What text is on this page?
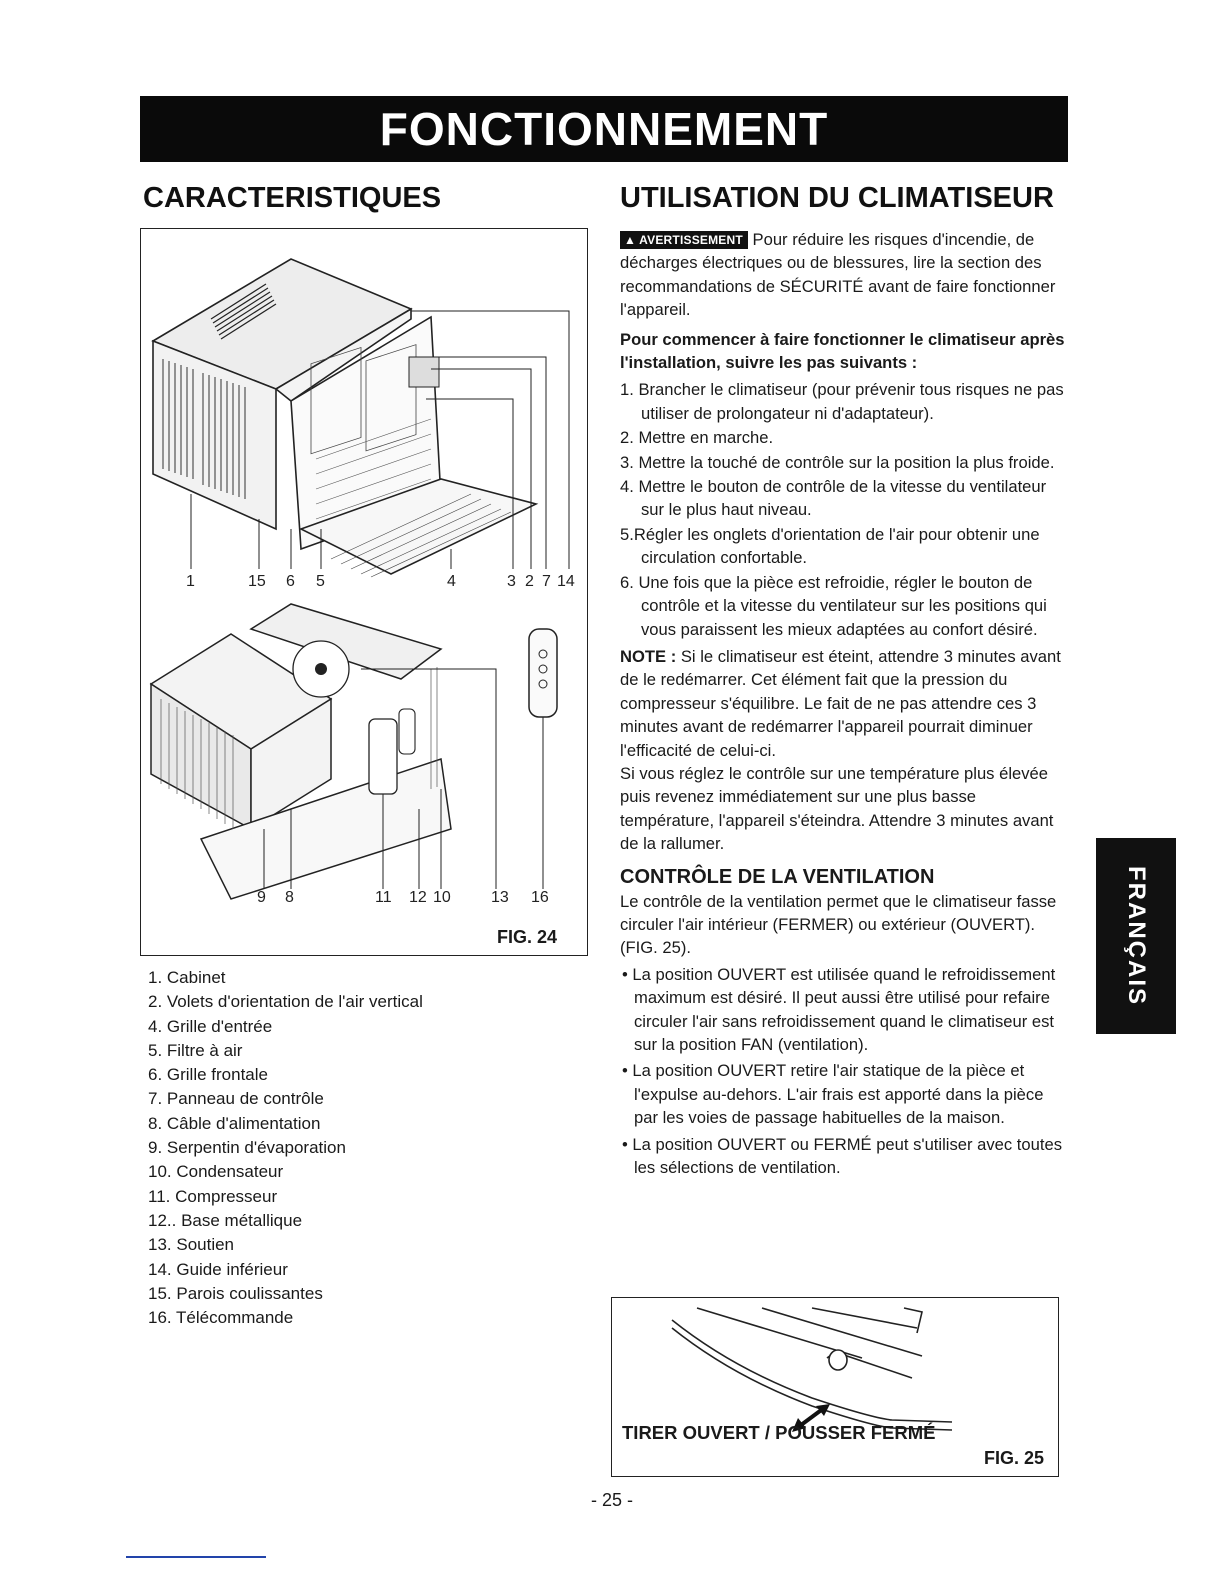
FONCTIONNEMENT
CARACTERISTIQUES
1	15 6 5	4	3 2 7 14
9 8	11 12 10	13 16
FIG. 24
1. Cabinet
2. Volets d'orientation de l'air vertical
4. Grille d'entrée
5. Filtre à air
6. Grille frontale
7. Panneau de contrôle
8. Câble d'alimentation
9. Serpentin d'évaporation
10. Condensateur
11. Compresseur
12.. Base métallique
13. Soutien
14. Guide inférieur
15. Parois coulissantes
16. Télécommande
UTILISATION DU CLIMATISEUR

▲ AVERTISSEMENT Pour réduire les risques d'incendie, de décharges électriques ou de blessures, lire la section des recommandations de SÉCURITÉ avant de faire fonctionner l'appareil.

Pour commencer à faire fonctionner le climatiseur après l'installation, suivre les pas suivants :

1. Brancher le climatiseur (pour prévenir tous risques ne pas utiliser de prolongateur ni d'adaptateur).
2. Mettre en marche.
3. Mettre la touché de contrôle sur la position la plus froide.
4. Mettre le bouton de contrôle de la vitesse du ventilateur sur le plus haut niveau.
5.Régler les onglets d'orientation de l'air pour obtenir une circulation confortable.
6. Une fois que la pièce est refroidie, régler le bouton de contrôle et la vitesse du ventilateur sur les positions qui vous paraissent les mieux adaptées au confort désiré.

NOTE : Si le climatiseur est éteint, attendre 3 minutes avant de le redémarrer. Cet élément fait que la pression du compresseur s'équilibre. Le fait de ne pas attendre ces 3 minutes avant de redémarrer l'appareil pourrait diminuer l'efficacité de celui-ci.

Si vous réglez le contrôle sur une température plus élevée puis revenez immédiatement sur une plus basse température, l'appareil s'éteindra. Attendre 3 minutes avant de la rallumer.

CONTRÔLE DE LA VENTILATION

Le contrôle de la ventilation permet que le climatiseur fasse circuler l'air intérieur (FERMER) ou extérieur (OUVERT). (FIG. 25).

• La position OUVERT est utilisée quand le refroidissement maximum est désiré. Il peut aussi être utilisé pour refaire circuler l'air sans refroidissement quand le climatiseur est sur la position FAN (ventilation).
• La position OUVERT retire l'air statique de la pièce et l'expulse au-dehors. L'air frais est apporté dans la pièce par les voies de passage habituelles de la maison.
• La position OUVERT ou FERMÉ peut s'utiliser avec toutes les sélections de ventilation.
TIRER OUVERT / POUSSER FERMÉ
FIG. 25
FRANÇAIS
- 25 -
